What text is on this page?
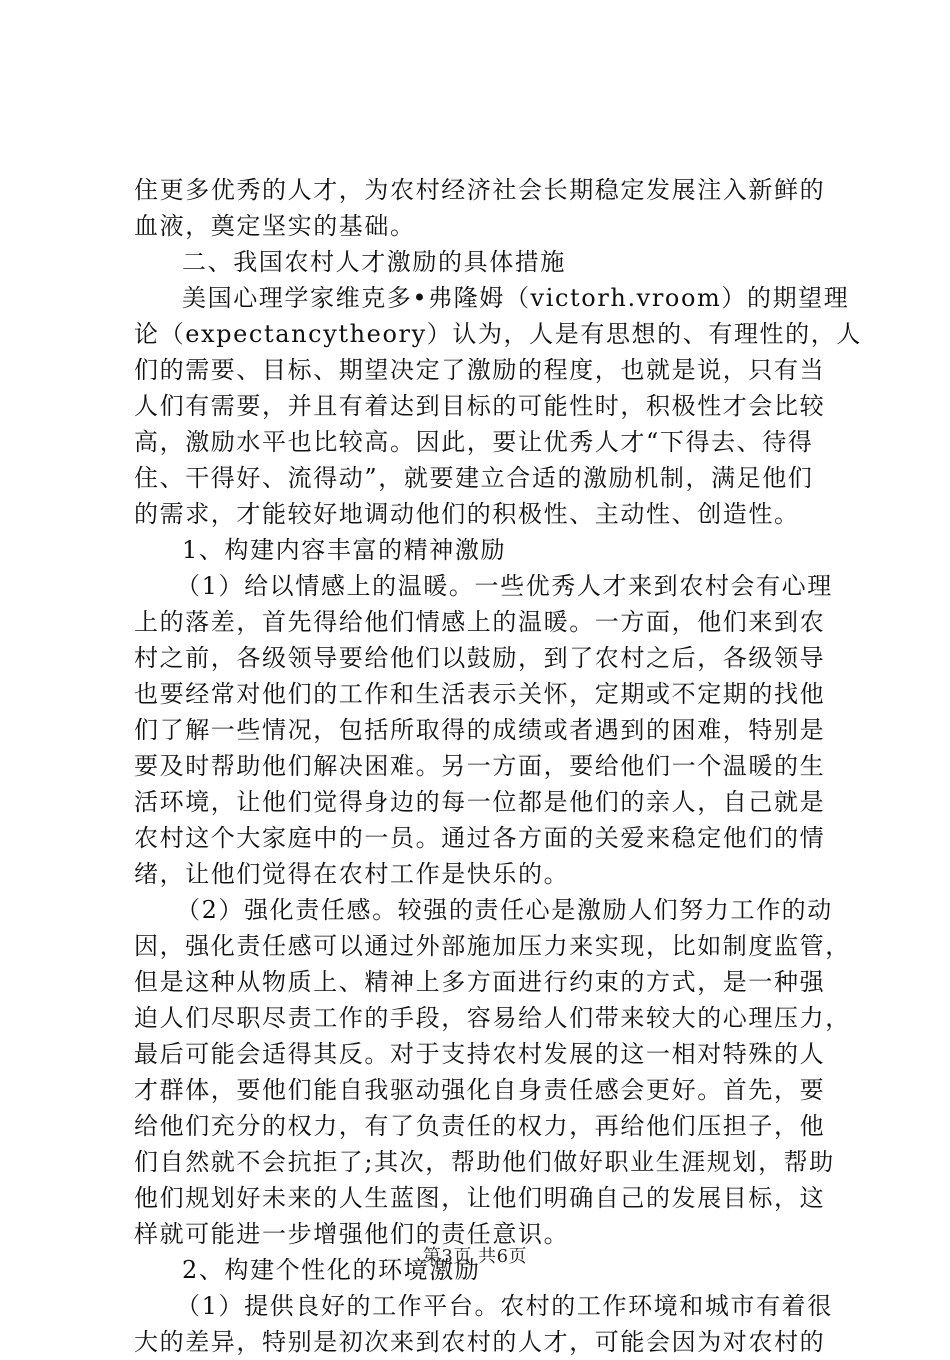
住更多优秀的人才，为农村经济社会长期稳定发展注入新鲜的
血液，奠定坚实的基础。
二、我国农村人才激励的具体措施
美国心理学家维克多•弗隆姆（victorh.vroom）的期望理
论（expectancytheory）认为，人是有思想的、有理性的，人
们的需要、目标、期望决定了激励的程度，也就是说，只有当
人们有需要，并且有着达到目标的可能性时，积极性才会比较
高，激励水平也比较高。因此，要让优秀人才“下得去、待得
住、干得好、流得动”，就要建立合适的激励机制，满足他们
的需求，才能较好地调动他们的积极性、主动性、创造性。
1、构建内容丰富的精神激励
（1）给以情感上的温暖。一些优秀人才来到农村会有心理
上的落差，首先得给他们情感上的温暖。一方面，他们来到农
村之前，各级领导要给他们以鼓励，到了农村之后，各级领导
也要经常对他们的工作和生活表示关怀，定期或不定期的找他
们了解一些情况，包括所取得的成绩或者遇到的困难，特别是
要及时帮助他们解决困难。另一方面，要给他们一个温暖的生
活环境，让他们觉得身边的每一位都是他们的亲人，自己就是
农村这个大家庭中的一员。通过各方面的关爱来稳定他们的情
绪，让他们觉得在农村工作是快乐的。
（2）强化责任感。较强的责任心是激励人们努力工作的动
因，强化责任感可以通过外部施加压力来实现，比如制度监管，
但是这种从物质上、精神上多方面进行约束的方式，是一种强
迫人们尽职尽责工作的手段，容易给人们带来较大的心理压力，
最后可能会适得其反。对于支持农村发展的这一相对特殊的人
才群体，要他们能自我驱动强化自身责任感会更好。首先，要
给他们充分的权力，有了负责任的权力，再给他们压担子，他
们自然就不会抗拒了;其次，帮助他们做好职业生涯规划，帮助
他们规划好未来的人生蓝图，让他们明确自己的发展目标，这
样就可能进一步增强他们的责任意识。
2、构建个性化的环境激励
（1）提供良好的工作平台。农村的工作环境和城市有着很
大的差异，特别是初次来到农村的人才，可能会因为对农村的
第3页 共6页
